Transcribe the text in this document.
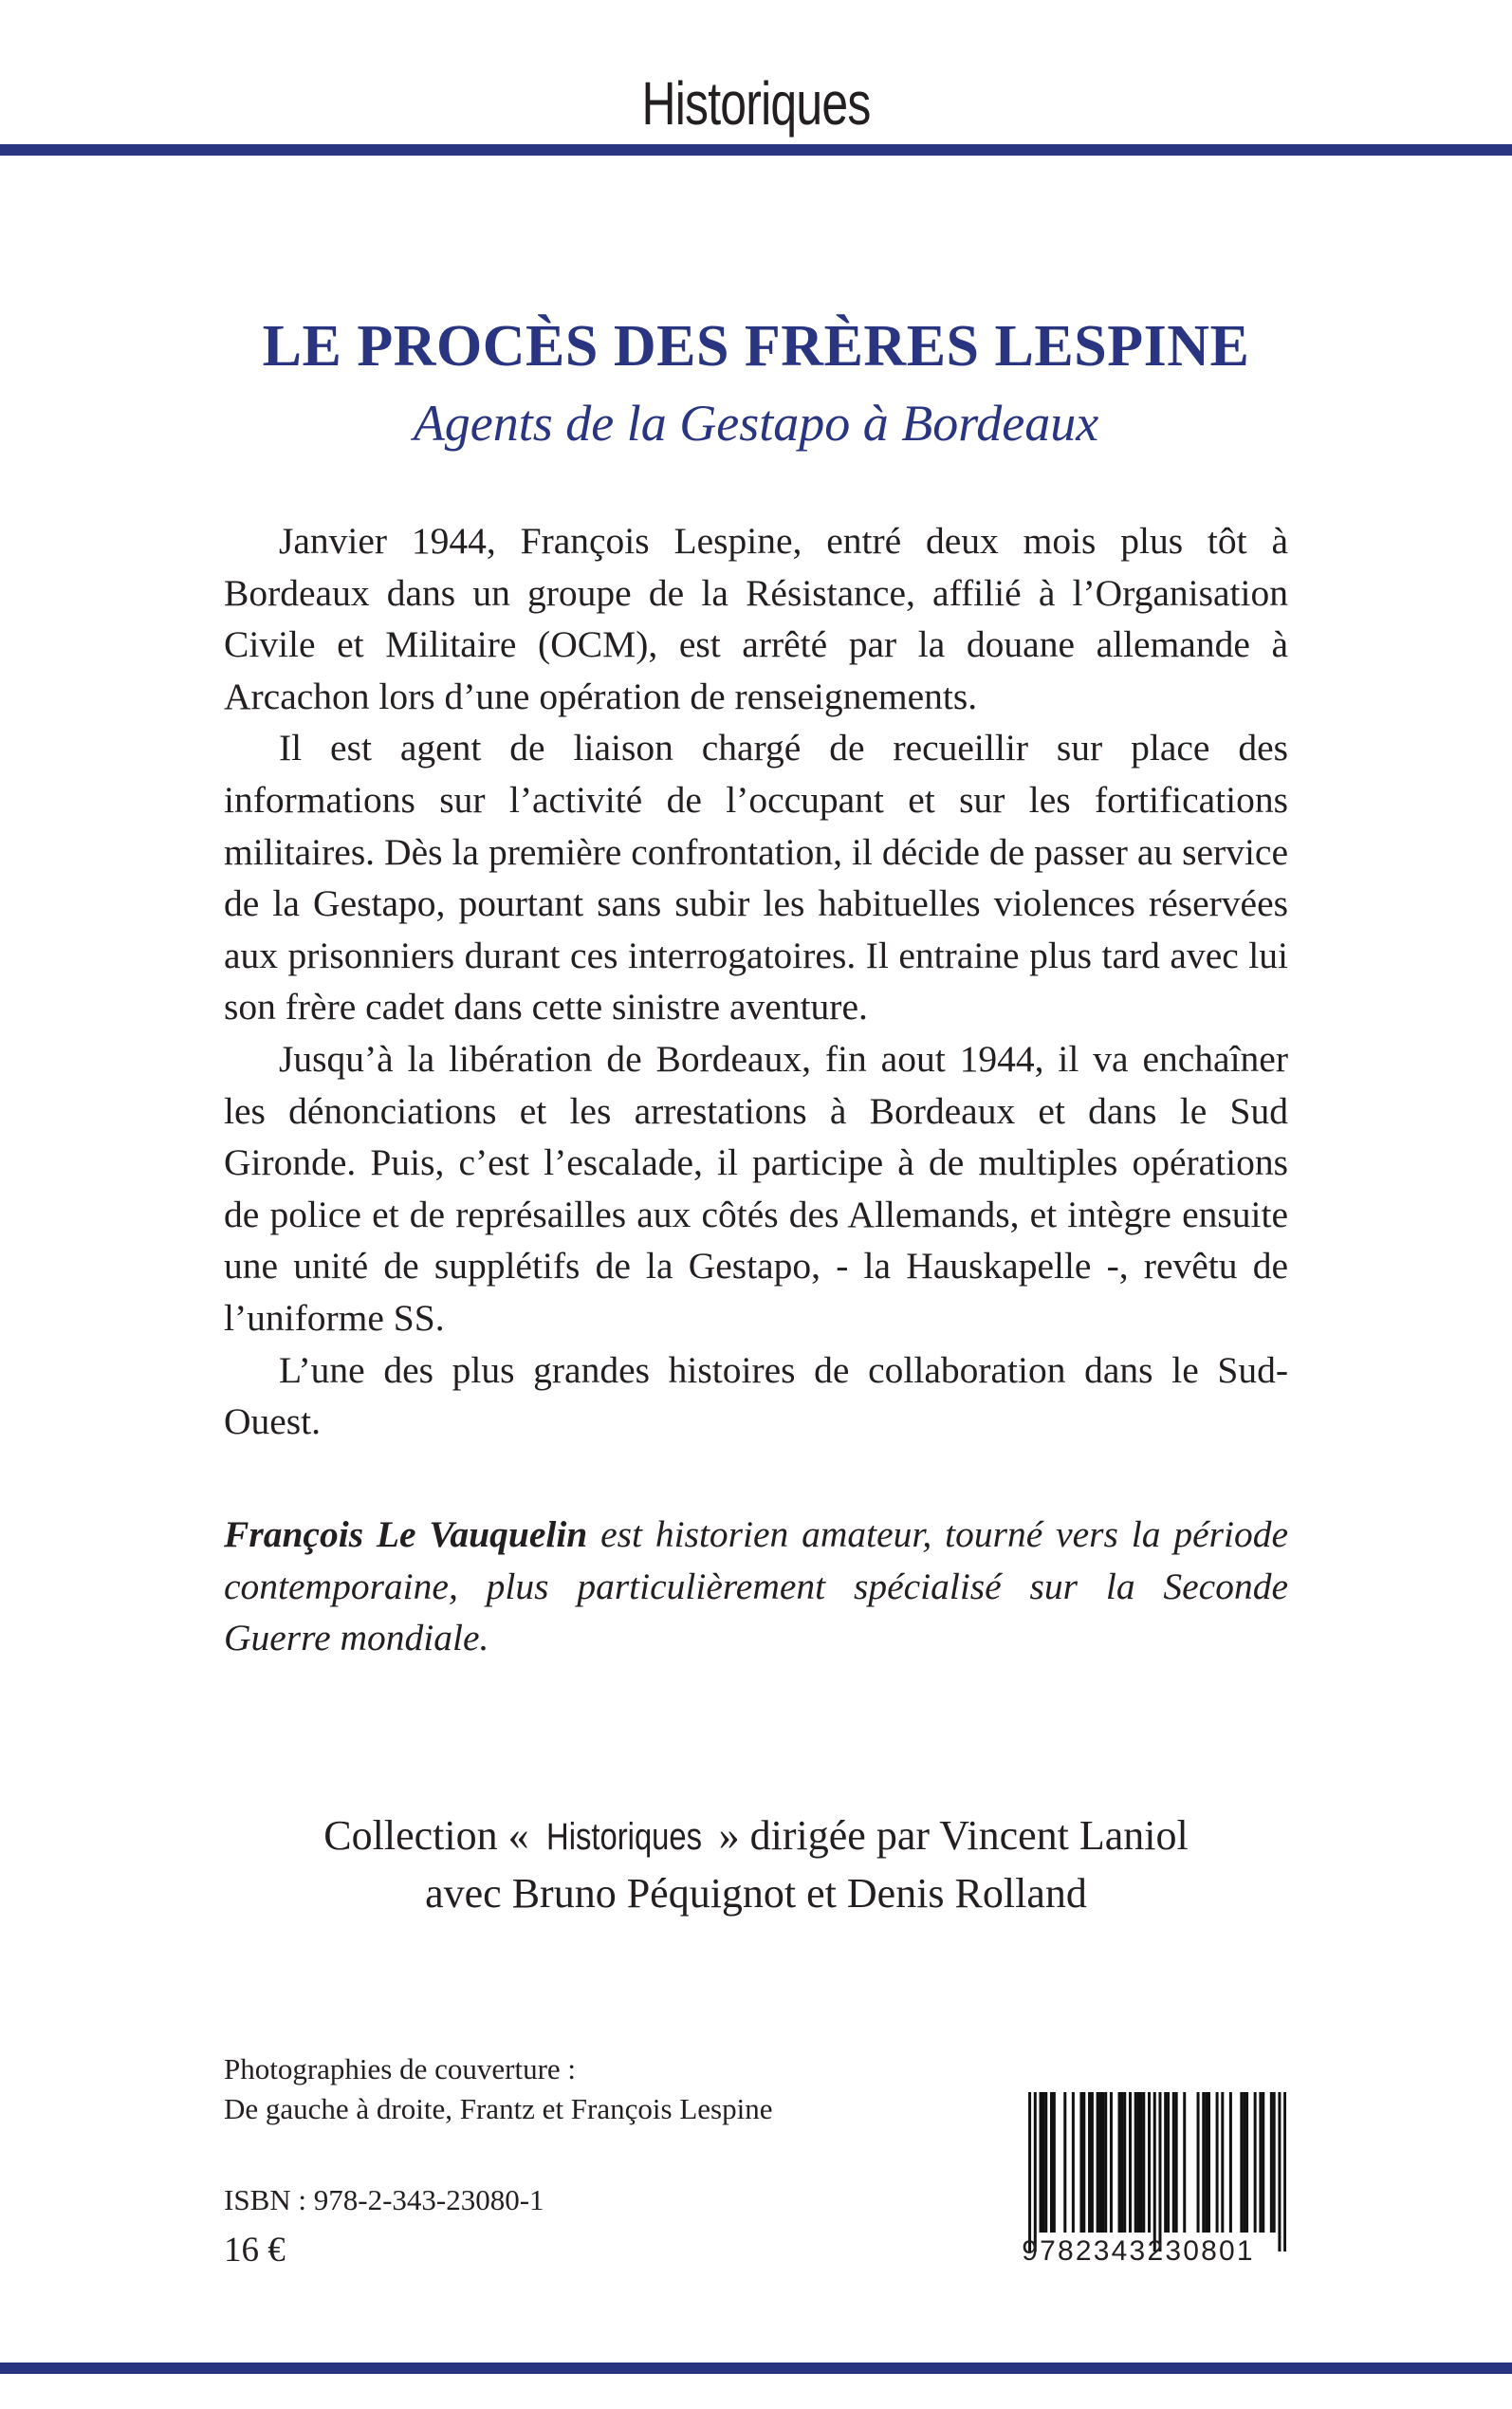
Historiques
LE PROCÈS DES FRÈRES LESPINE
Agents de la Gestapo à Bordeaux

Janvier 1944, François Lespine, entré deux mois plus tôt à Bordeaux dans un groupe de la Résistance, affilié à l’Organisation Civile et Militaire (OCM), est arrêté par la douane allemande à Arcachon lors d’une opération de renseignements.

Il est agent de liaison chargé de recueillir sur place des informations sur l’activité de l’occupant et sur les fortifications militaires. Dès la première confrontation, il décide de passer au service de la Gestapo, pourtant sans subir les habituelles violences réservées aux prisonniers durant ces interrogatoires. Il entraine plus tard avec lui son frère cadet dans cette sinistre aventure.

Jusqu’à la libération de Bordeaux, fin aout 1944, il va enchaîner les dénonciations et les arrestations à Bordeaux et dans le Sud Gironde. Puis, c’est l’escalade, il participe à de multiples opérations de police et de représailles aux côtés des Allemands, et intègre ensuite une unité de supplétifs de la Gestapo, - la Hauskapelle -, revêtu de l’uniforme SS.

L’une des plus grandes histoires de collaboration dans le Sud-Ouest.

François Le Vauquelin est historien amateur, tourné vers la période contemporaine, plus particulièrement spécialisé sur la Seconde Guerre mondiale.
Collection « Historiques » dirigée par Vincent Laniol
avec Bruno Péquignot et Denis Rolland
Photographies de couverture :
De gauche à droite, Frantz et François Lespine
ISBN : 978-2-343-23080-1
16 €	9782343230801
